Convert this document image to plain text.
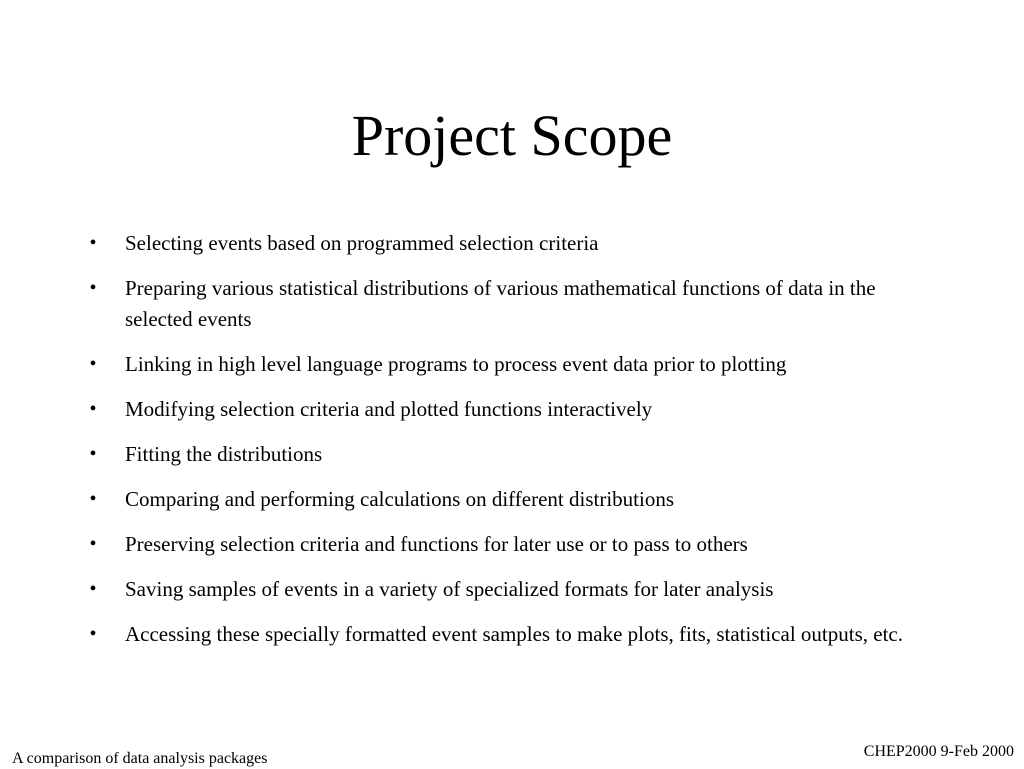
Project Scope
• Selecting events based on programmed selection criteria
• Preparing various statistical distributions of various mathematical functions of data in the selected events
• Linking in high level language programs to process event data prior to plotting
• Modifying selection criteria and plotted functions interactively
• Fitting the distributions
• Comparing and performing calculations on different distributions
• Preserving selection criteria and functions for later use or to pass to others
• Saving samples of events in a variety of specialized formats for later analysis
• Accessing these specially formatted event samples to make plots, fits, statistical outputs, etc.
A comparison of data analysis packages	CHEP2000 9-Feb 2000
